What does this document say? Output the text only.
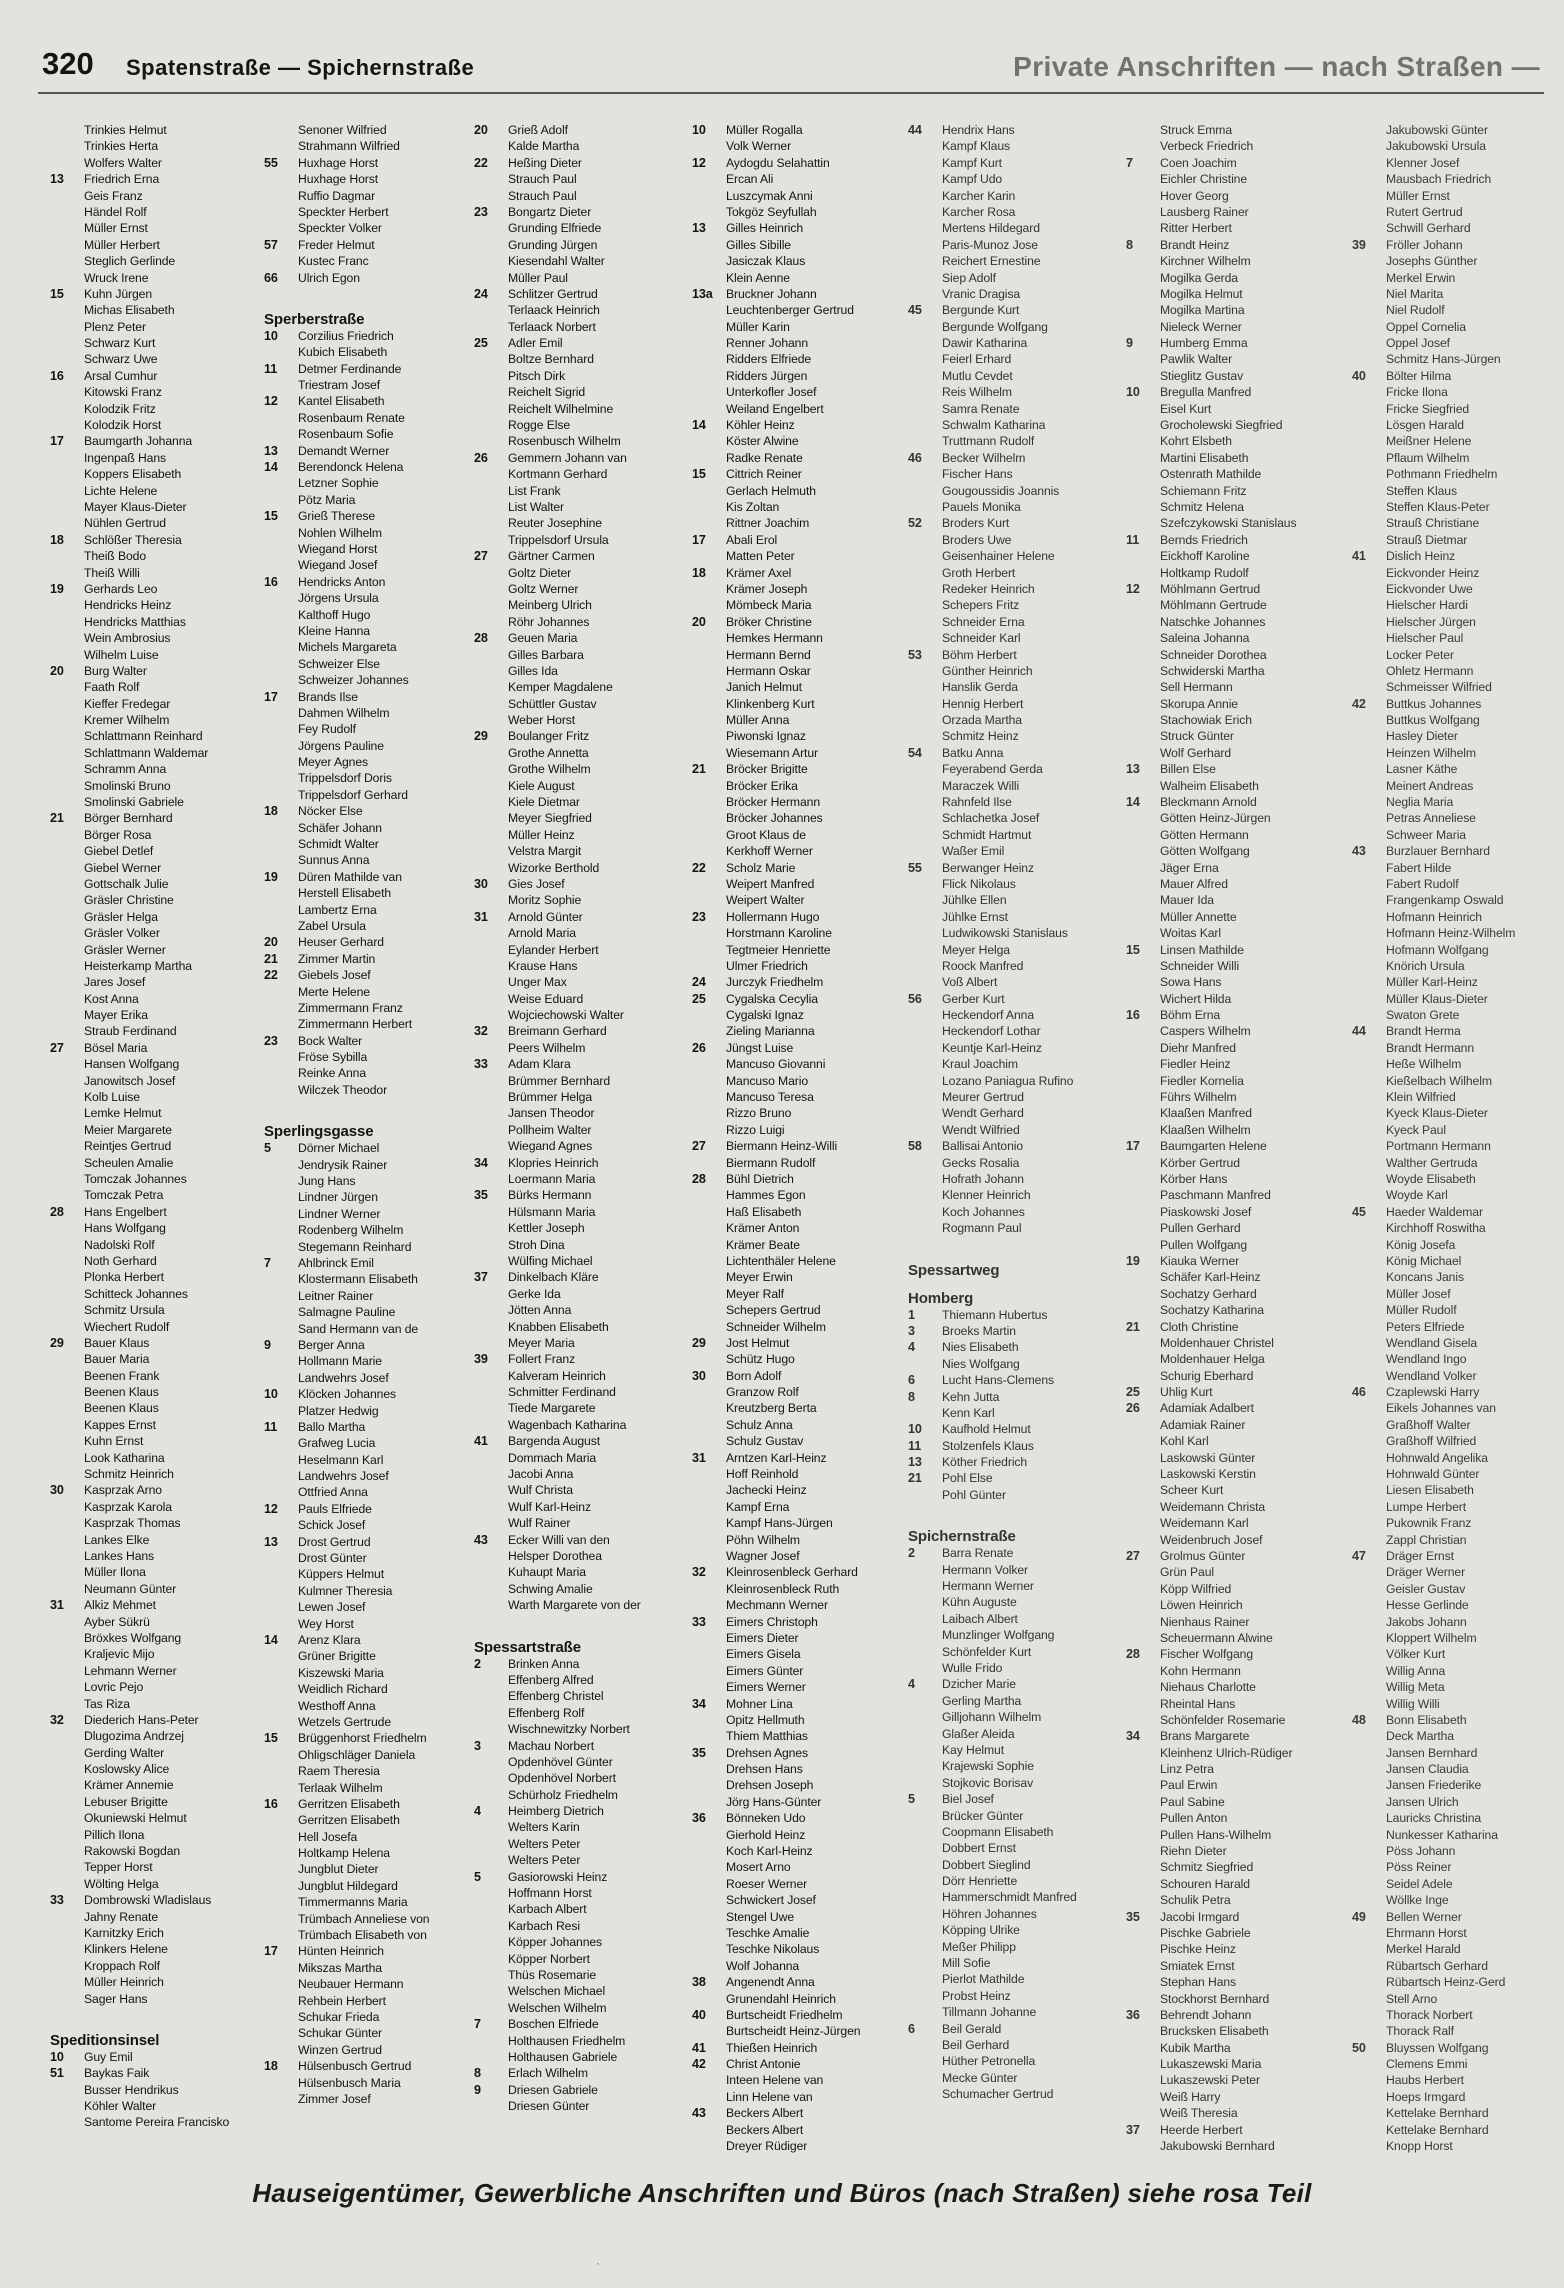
320 Spatenstraße — Spichernstraße	Private Anschriften — nach Straßen —
Trinkies Helmut
Trinkies Herta
Wolfers Walter
13 Friedrich Erna
Geis Franz
Händel Rolf
Müller Ernst
Müller Herbert
Steglich Gerlinde
Wruck Irene
15 Kuhn Jürgen
Michas Elisabeth
Plenz Peter
Schwarz Kurt
Schwarz Uwe
16 Arsal Cumhur
Kitowski Franz
Kolodzik Fritz
Kolodzik Horst
17 Baumgarth Johanna
Ingenpaß Hans
Koppers Elisabeth
Lichte Helene
Mayer Klaus-Dieter
Nühlen Gertrud
18 Schlößer Theresia
Theiß Bodo
Theiß Willi
19 Gerhards Leo
Hendricks Heinz
Hendricks Matthias
Wein Ambrosius
Wilhelm Luise
20 Burg Walter
Faath Rolf
Kieffer Fredegar
Kremer Wilhelm
Schlattmann Reinhard
Schlattmann Waldemar
Schramm Anna
Smolinski Bruno
Smolinski Gabriele
21 Börger Bernhard
Börger Rosa
Giebel Detlef
Giebel Werner
Gottschalk Julie
Gräsler Christine
Gräsler Helga
Gräsler Volker
Gräsler Werner
Heisterkamp Martha
Jares Josef
Kost Anna
Mayer Erika
Straub Ferdinand
27 Bösel Maria
Hansen Wolfgang
Janowitsch Josef
Kolb Luise
Lemke Helmut
Meier Margarete
Reintjes Gertrud
Scheulen Amalie
Tomczak Johannes
Tomczak Petra
28 Hans Engelbert
Hans Wolfgang
Nadolski Rolf
Noth Gerhard
Plonka Herbert
Schitteck Johannes
Schmitz Ursula
Wiechert Rudolf
29 Bauer Klaus
Bauer Maria
Beenen Frank
Beenen Klaus
Beenen Klaus
Kappes Ernst
Kuhn Ernst
Look Katharina
Schmitz Heinrich
30 Kasprzak Arno
Kasprzak Karola
Kasprzak Thomas
Lankes Elke
Lankes Hans
Müller Ilona
Neumann Günter
31 Alkiz Mehmet
Ayber Sükrü
Bröxkes Wolfgang
Kraljevic Mijo
Lehmann Werner
Lovric Pejo
Tas Riza
32 Diederich Hans-Peter
Dlugozima Andrzej
Gerding Walter
Koslowsky Alice
Krämer Annemie
Lebuser Brigitte
Okuniewski Helmut
Pillich Ilona
Rakowski Bogdan
Tepper Horst
Wölting Helga
33 Dombrowski Wladislaus
Jahny Renate
Karnitzky Erich
Klinkers Helene
Kroppach Rolf
Müller Heinrich
Sager Hans
Speditionsinsel
10 Guy Emil
51 Baykas Faik
Busser Hendrikus
Köhler Walter
Santome Pereira Francisko
Senoner Wilfried
Strahmann Wilfried
55 Huxhage Horst
Huxhage Horst
Ruffio Dagmar
Speckter Herbert
Speckter Volker
57 Freder Helmut
Kustec Franc
66 Ulrich Egon
Sperberstraße
10 Corzilius Friedrich
Kubich Elisabeth
11 Detmer Ferdinande
Triestram Josef
12 Kantel Elisabeth
Rosenbaum Renate
Rosenbaum Sofie
13 Demandt Werner
14 Berendonck Helena
Letzner Sophie
Pötz Maria
15 Grieß Therese
Nohlen Wilhelm
Wiegand Horst
Wiegand Josef
16 Hendricks Anton
Jörgens Ursula
Kalthoff Hugo
Kleine Hanna
Michels Margareta
Schweizer Else
Schweizer Johannes
17 Brands Ilse
Dahmen Wilhelm
Fey Rudolf
Jörgens Pauline
Meyer Agnes
Trippelsdorf Doris
Trippelsdorf Gerhard
18 Nöcker Else
Schäfer Johann
Schmidt Walter
Sunnus Anna
19 Düren Mathilde van
Herstell Elisabeth
Lambertz Erna
Zabel Ursula
20 Heuser Gerhard
21 Zimmer Martin
22 Giebels Josef
Merte Helene
Zimmermann Franz
Zimmermann Herbert
23 Bock Walter
Fröse Sybilla
Reinke Anna
Wilczek Theodor
Sperlingsgasse
5 Dörner Michael
Jendrysik Rainer
Jung Hans
Lindner Jürgen
Lindner Werner
Rodenberg Wilhelm
Stegemann Reinhard
7 Ahlbrinck Emil
Klostermann Elisabeth
Leitner Rainer
Salmagne Pauline
Sand Hermann van de
9 Berger Anna
Hollmann Marie
Landwehrs Josef
10 Klöcken Johannes
Platzer Hedwig
11 Ballo Martha
Grafweg Lucia
Heselmann Karl
Landwehrs Josef
Ottfried Anna
12 Pauls Elfriede
Schick Josef
13 Drost Gertrud
Drost Günter
Küppers Helmut
Kulmner Theresia
Lewen Josef
Wey Horst
14 Arenz Klara
Grüner Brigitte
Kiszewski Maria
Weidlich Richard
Westhoff Anna
Wetzels Gertrude
15 Brüggenhorst Friedhelm
Ohligschläger Daniela
Raem Theresia
Terlaak Wilhelm
16 Gerritzen Elisabeth
Gerritzen Elisabeth
Hell Josefa
Holtkamp Helena
Jungblut Dieter
Jungblut Hildegard
Timmermanns Maria
Trümbach Anneliese von
Trümbach Elisabeth von
17 Hünten Heinrich
Mikszas Martha
Neubauer Hermann
Rehbein Herbert
Schukar Frieda
Schukar Günter
Winzen Gertrud
18 Hülsenbusch Gertrud
Hülsenbusch Maria
Zimmer Josef
20 Grieß Adolf
Kalde Martha
22 Heßing Dieter
Strauch Paul
Strauch Paul
23 Bongartz Dieter
Grunding Elfriede
Grunding Jürgen
Kiesendahl Walter
Müller Paul
24 Schlitzer Gertrud
Terlaack Heinrich
Terlaack Norbert
25 Adler Emil
Boltze Bernhard
Pitsch Dirk
Reichelt Sigrid
Reichelt Wilhelmine
Rogge Else
Rosenbusch Wilhelm
26 Gemmern Johann van
Kortmann Gerhard
List Frank
List Walter
Reuter Josephine
Trippelsdorf Ursula
27 Gärtner Carmen
Goltz Dieter
Goltz Werner
Meinberg Ulrich
Röhr Johannes
28 Geuen Maria
Gilles Barbara
Gilles Ida
Kemper Magdalene
Schüttler Gustav
Weber Horst
29 Boulanger Fritz
Grothe Annetta
Grothe Wilhelm
Kiele August
Kiele Dietmar
Meyer Siegfried
Müller Heinz
Velstra Margit
Wizorke Berthold
30 Gies Josef
Moritz Sophie
31 Arnold Günter
Arnold Maria
Eylander Herbert
Krause Hans
Unger Max
Weise Eduard
Wojciechowski Walter
32 Breimann Gerhard
Peers Wilhelm
33 Adam Klara
Brümmer Bernhard
Brümmer Helga
Jansen Theodor
Pollheim Walter
Wiegand Agnes
34 Klopries Heinrich
Loermann Maria
35 Bürks Hermann
Hülsmann Maria
Kettler Joseph
Stroh Dina
Wülfing Michael
37 Dinkelbach Kläre
Gerke Ida
Jötten Anna
Knabben Elisabeth
Meyer Maria
39 Follert Franz
Kalveram Heinrich
Schmitter Ferdinand
Tiede Margarete
Wagenbach Katharina
41 Bargenda August
Dommach Maria
Jacobi Anna
Wulf Christa
Wulf Karl-Heinz
Wulf Rainer
43 Ecker Willi van den
Helsper Dorothea
Kuhaupt Maria
Schwing Amalie
Warth Margarete von der
Spessartstraße
2 Brinken Anna
Effenberg Alfred
Effenberg Christel
Effenberg Rolf
Wischnewitzky Norbert
3 Machau Norbert
Opdenhövel Günter
Opdenhövel Norbert
Schürholz Friedhelm
4 Heimberg Dietrich
Welters Karin
Welters Peter
Welters Peter
5 Gasiorowski Heinz
Hoffmann Horst
Karbach Albert
Karbach Resi
Köpper Johannes
Köpper Norbert
Thüs Rosemarie
Welschen Michael
Welschen Wilhelm
7 Boschen Elfriede
Holthausen Friedhelm
Holthausen Gabriele
8 Erlach Wilhelm
9 Driesen Gabriele
Driesen Günter
10 Müller Rogalla
Volk Werner
12 Aydogdu Selahattin
Ercan Ali
Luszcymak Anni
Tokgöz Seyfullah
13 Gilles Heinrich
Gilles Sibille
Jasiczak Klaus
Klein Aenne
13a Bruckner Johann
Leuchtenberger Gertrud
Müller Karin
Renner Johann
Ridders Elfriede
Ridders Jürgen
Unterkofler Josef
Weiland Engelbert
14 Köhler Heinz
Köster Alwine
Radke Renate
15 Cittrich Reiner
Gerlach Helmuth
Kis Zoltan
Rittner Joachim
17 Abali Erol
Matten Peter
18 Krämer Axel
Krämer Joseph
Mömbeck Maria
20 Bröker Christine
Hemkes Hermann
Hermann Bernd
Hermann Oskar
Janich Helmut
Klinkenberg Kurt
Müller Anna
Piwonski Ignaz
Wiesemann Artur
21 Bröcker Brigitte
Bröcker Erika
Bröcker Hermann
Bröcker Johannes
Groot Klaus de
Kerkhoff Werner
22 Scholz Marie
Weipert Manfred
Weipert Walter
23 Hollermann Hugo
Horstmann Karoline
Tegtmeier Henriette
Ulmer Friedrich
24 Jurczyk Friedhelm
25 Cygalska Cecylia
Cygalski Ignaz
Zieling Marianna
26 Jüngst Luise
Mancuso Giovanni
Mancuso Mario
Mancuso Teresa
Rizzo Bruno
Rizzo Luigi
27 Biermann Heinz-Willi
Biermann Rudolf
28 Bühl Dietrich
Hammes Egon
Haß Elisabeth
Krämer Anton
Krämer Beate
Lichtenthäler Helene
Meyer Erwin
Meyer Ralf
Schepers Gertrud
Schneider Wilhelm
29 Jost Helmut
Schütz Hugo
30 Born Adolf
Granzow Rolf
Kreutzberg Berta
Schulz Anna
Schulz Gustav
31 Arntzen Karl-Heinz
Hoff Reinhold
Jachecki Heinz
Kampf Erna
Kampf Hans-Jürgen
Pöhn Wilhelm
Wagner Josef
32 Kleinrosenbleck Gerhard
Kleinrosenbleck Ruth
Mechmann Werner
33 Eimers Christoph
Eimers Dieter
Eimers Gisela
Eimers Günter
Eimers Werner
34 Mohner Lina
Opitz Hellmuth
Thiem Matthias
35 Drehsen Agnes
Drehsen Hans
Drehsen Joseph
Jörg Hans-Günter
36 Bönneken Udo
Gierhold Heinz
Koch Karl-Heinz
Mosert Arno
Roeser Werner
Schwickert Josef
Stengel Uwe
Teschke Amalie
Teschke Nikolaus
Wolf Johanna
38 Angenendt Anna
Grunendahl Heinrich
40 Burtscheidt Friedhelm
Burtscheidt Heinz-Jürgen
41 Thießen Heinrich
42 Christ Antonie
Inteen Helene van
Linn Helene van
43 Beckers Albert
Beckers Albert
Dreyer Rüdiger
44 Hendrix Hans
Kampf Klaus
Kampf Kurt
Kampf Udo
Karcher Karin
Karcher Rosa
Mertens Hildegard
Paris-Munoz Jose
Reichert Ernestine
Siep Adolf
Vranic Dragisa
45 Bergunde Kurt
Bergunde Wolfgang
Dawir Katharina
Feierl Erhard
Mutlu Cevdet
Reis Wilhelm
Samra Renate
Schwalm Katharina
Truttmann Rudolf
46 Becker Wilhelm
Fischer Hans
Gougoussidis Joannis
Pauels Monika
52 Broders Kurt
Broders Uwe
Geisenhainer Helene
Groth Herbert
Redeker Heinrich
Schepers Fritz
Schneider Erna
Schneider Karl
53 Böhm Herbert
Günther Heinrich
Hanslik Gerda
Hennig Herbert
Orzada Martha
Schmitz Heinz
54 Batku Anna
Feyerabend Gerda
Maraczek Willi
Rahnfeld Ilse
Schlachetka Josef
Schmidt Hartmut
Waßer Emil
55 Berwanger Heinz
Flick Nikolaus
Jühlke Ellen
Jühlke Ernst
Ludwikowski Stanislaus
Meyer Helga
Roock Manfred
Voß Albert
56 Gerber Kurt
Heckendorf Anna
Heckendorf Lothar
Keuntje Karl-Heinz
Kraul Joachim
Lozano Paniagua Rufino
Meurer Gertrud
Wendt Gerhard
Wendt Wilfried
58 Ballisai Antonio
Gecks Rosalia
Hofrath Johann
Klenner Heinrich
Koch Johannes
Rogmann Paul
Spessartweg
Homberg
1 Thiemann Hubertus
3 Broeks Martin
4 Nies Elisabeth
Nies Wolfgang
6 Lucht Hans-Clemens
8 Kehn Jutta
Kenn Karl
10 Kaufhold Helmut
11 Stolzenfels Klaus
13 Köther Friedrich
21 Pohl Else
Pohl Günter
Spichernstraße
2 Barra Renate
Hermann Volker
Hermann Werner
Kühn Auguste
Laibach Albert
Munzlinger Wolfgang
Schönfelder Kurt
Wulle Frido
4 Dzicher Marie
Gerling Martha
Gilljohann Wilhelm
Glaßer Aleida
Kay Helmut
Krajewski Sophie
Stojkovic Borisav
5 Biel Josef
Brücker Günter
Coopmann Elisabeth
Dobbert Ernst
Dobbert Sieglind
Dörr Henriette
Hammerschmidt Manfred
Höhren Johannes
Köpping Ulrike
Meßer Philipp
Mill Sofie
Pierlot Mathilde
Probst Heinz
Tillmann Johanne
6 Beil Gerald
Beil Gerhard
Hüther Petronella
Mecke Günter
Schumacher Gertrud
Struck Emma
Verbeck Friedrich
7 Coen Joachim
Eichler Christine
Hover Georg
Lausberg Rainer
Ritter Herbert
8 Brandt Heinz
Kirchner Wilhelm
Mogilka Gerda
Mogilka Helmut
Mogilka Martina
Nieleck Werner
9 Humberg Emma
Pawlik Walter
Stieglitz Gustav
10 Bregulla Manfred
Eisel Kurt
Grocholewski Siegfried
Kohrt Elsbeth
Martini Elisabeth
Ostenrath Mathilde
Schiemann Fritz
Schmitz Helena
Szefczykowski Stanislaus
11 Bernds Friedrich
Eickhoff Karoline
Holtkamp Rudolf
12 Möhlmann Gertrud
Möhlmann Gertrude
Natschke Johannes
Saleina Johanna
Schneider Dorothea
Schwiderski Martha
Sell Hermann
Skorupa Annie
Stachowiak Erich
Struck Günter
Wolf Gerhard
13 Billen Else
Walheim Elisabeth
14 Bleckmann Arnold
Götten Heinz-Jürgen
Götten Hermann
Götten Wolfgang
Jäger Erna
Mauer Alfred
Mauer Ida
Müller Annette
Woitas Karl
15 Linsen Mathilde
Schneider Willi
Sowa Hans
Wichert Hilda
16 Böhm Erna
Caspers Wilhelm
Diehr Manfred
Fiedler Heinz
Fiedler Kornelia
Führs Wilhelm
Klaaßen Manfred
Klaaßen Wilhelm
17 Baumgarten Helene
Körber Gertrud
Körber Hans
Paschmann Manfred
Piaskowski Josef
Pullen Gerhard
Pullen Wolfgang
19 Kiauka Werner
Schäfer Karl-Heinz
Sochatzy Gerhard
Sochatzy Katharina
21 Cloth Christine
Moldenhauer Christel
Moldenhauer Helga
Schurig Eberhard
25 Uhlig Kurt
26 Adamiak Adalbert
Adamiak Rainer
Kohl Karl
Laskowski Günter
Laskowski Kerstin
Scheer Kurt
Weidemann Christa
Weidemann Karl
Weidenbruch Josef
27 Grolmus Günter
Grün Paul
Köpp Wilfried
Löwen Heinrich
Nienhaus Rainer
Scheuermann Alwine
28 Fischer Wolfgang
Kohn Hermann
Niehaus Charlotte
Rheintal Hans
Schönfelder Rosemarie
34 Brans Margarete
Kleinhenz Ulrich-Rüdiger
Linz Petra
Paul Erwin
Paul Sabine
Pullen Anton
Pullen Hans-Wilhelm
Riehn Dieter
Schmitz Siegfried
Schouren Harald
Schulik Petra
35 Jacobi Irmgard
Pischke Gabriele
Pischke Heinz
Smiatek Ernst
Stephan Hans
Stockhorst Bernhard
36 Behrendt Johann
Brucksken Elisabeth
Kubik Martha
Lukaszewski Maria
Lukaszewski Peter
Weiß Harry
Weiß Theresia
37 Heerde Herbert
Jakubowski Bernhard
Jakubowski Günter
Jakubowski Ursula
Klenner Josef
Mausbach Friedrich
Müller Ernst
Rutert Gertrud
Schwill Gerhard
39 Fröller Johann
Josephs Günther
Merkel Erwin
Niel Marita
Niel Rudolf
Oppel Cornelia
Oppel Josef
Schmitz Hans-Jürgen
40 Bölter Hilma
Fricke Ilona
Fricke Siegfried
Lösgen Harald
Meißner Helene
Pflaum Wilhelm
Pothmann Friedhelm
Steffen Klaus
Steffen Klaus-Peter
Strauß Christiane
Strauß Dietmar
41 Dislich Heinz
Eickvonder Heinz
Eickvonder Uwe
Hielscher Hardi
Hielscher Jürgen
Hielscher Paul
Locker Peter
Ohletz Hermann
Schmeisser Wilfried
42 Buttkus Johannes
Buttkus Wolfgang
Hasley Dieter
Heinzen Wilhelm
Lasner Käthe
Meinert Andreas
Neglia Maria
Petras Anneliese
Schweer Maria
43 Burzlauer Bernhard
Fabert Hilde
Fabert Rudolf
Frangenkamp Oswald
Hofmann Heinrich
Hofmann Heinz-Wilhelm
Hofmann Wolfgang
Knörich Ursula
Müller Karl-Heinz
Müller Klaus-Dieter
Swaton Grete
44 Brandt Herma
Brandt Hermann
Heße Wilhelm
Kießelbach Wilhelm
Klein Wilfried
Kyeck Klaus-Dieter
Kyeck Paul
Portmann Hermann
Walther Gertruda
Woyde Elisabeth
Woyde Karl
45 Haeder Waldemar
Kirchhoff Roswitha
König Josefa
König Michael
Koncans Janis
Müller Josef
Müller Rudolf
Peters Elfriede
Wendland Gisela
Wendland Ingo
Wendland Volker
46 Czaplewski Harry
Eikels Johannes van
Graßhoff Walter
Graßhoff Wilfried
Hohnwald Angelika
Hohnwald Günter
Liesen Elisabeth
Lumpe Herbert
Pukownik Franz
Zappl Christian
47 Dräger Ernst
Dräger Werner
Geisler Gustav
Hesse Gerlinde
Jakobs Johann
Kloppert Wilhelm
Völker Kurt
Willig Anna
Willig Meta
Willig Willi
48 Bonn Elisabeth
Deck Martha
Jansen Bernhard
Jansen Claudia
Jansen Friederike
Jansen Ulrich
Lauricks Christina
Nunkesser Katharina
Pöss Johann
Pöss Reiner
Seidel Adele
Wöllke Inge
49 Bellen Werner
Ehrmann Horst
Merkel Harald
Rübartsch Gerhard
Rübartsch Heinz-Gerd
Stell Arno
Thorack Norbert
Thorack Ralf
50 Bluyssen Wolfgang
Clemens Emmi
Haubs Herbert
Hoeps Irmgard
Kettelake Bernhard
Kettelake Bernhard
Knopp Horst
Hauseigentümer, Gewerbliche Anschriften und Büros (nach Straßen) siehe rosa Teil
·
